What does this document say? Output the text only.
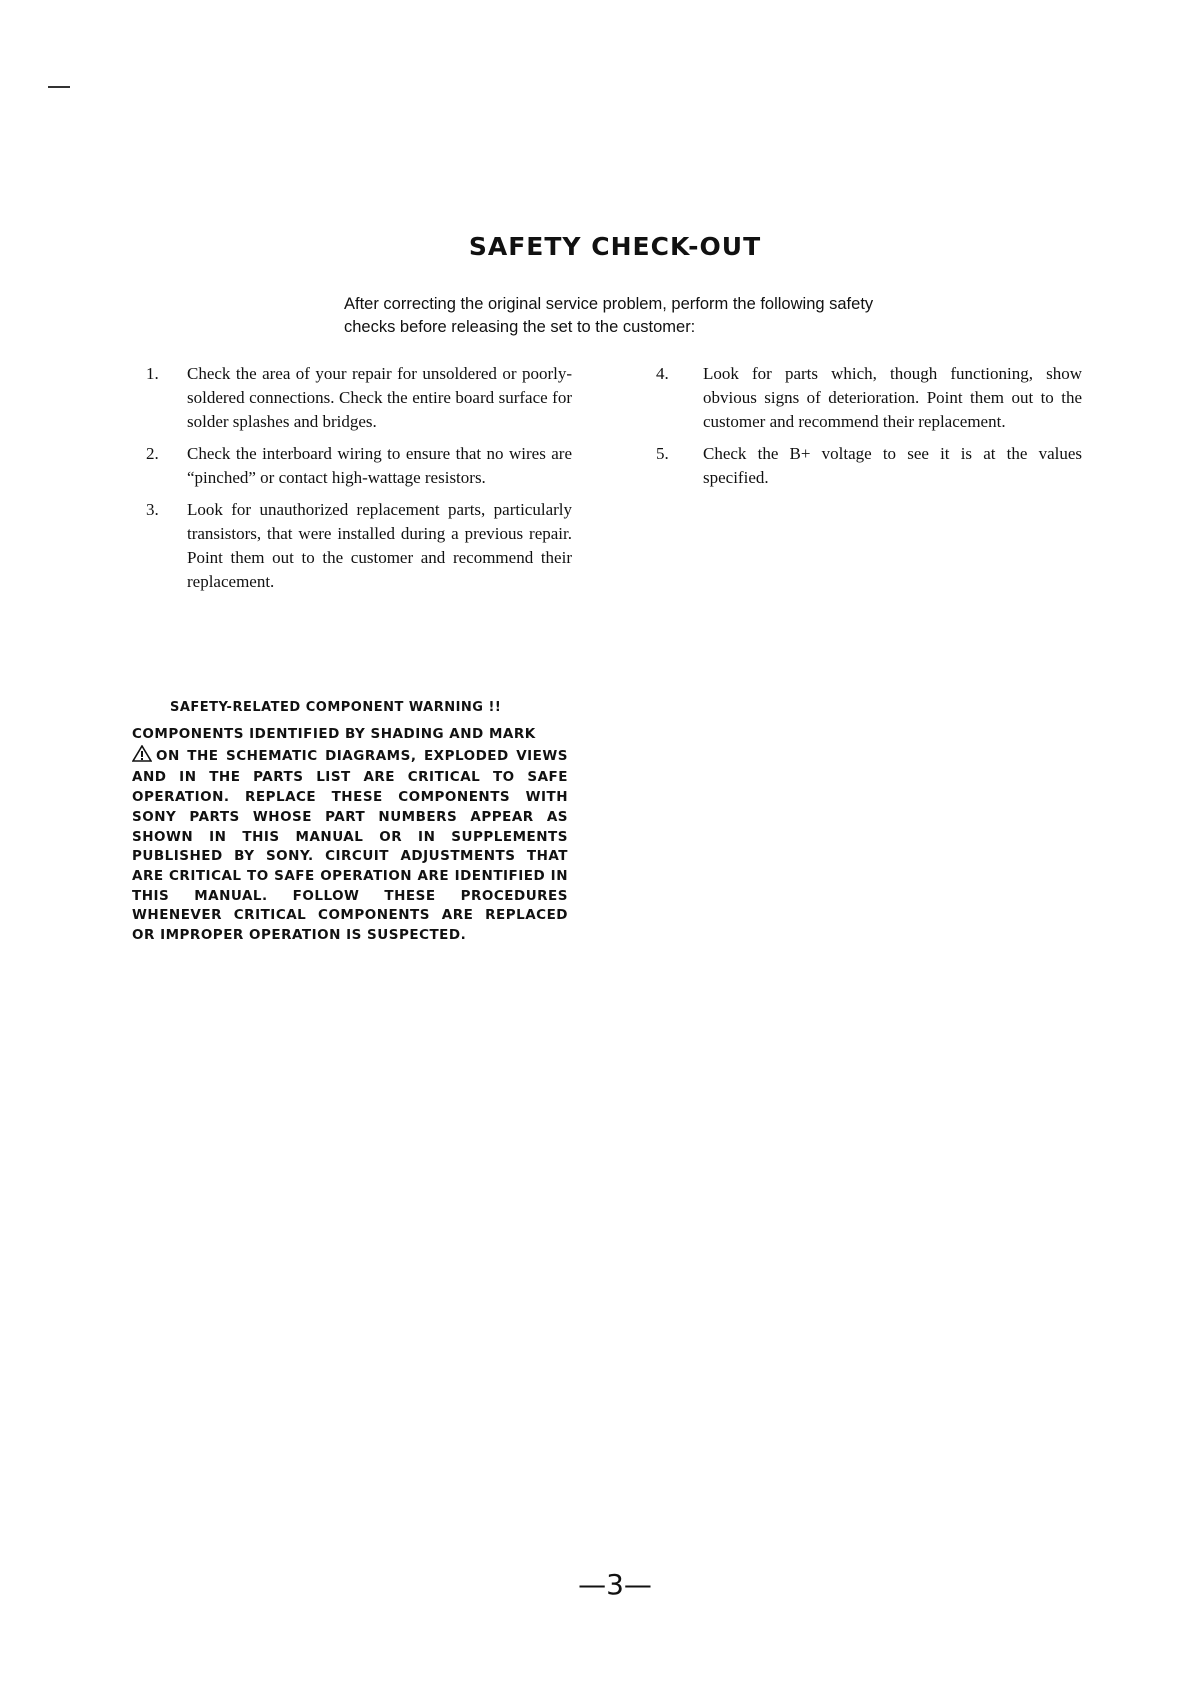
SAFETY CHECK-OUT
After correcting the original service problem, perform the following safety checks before releasing the set to the customer:
1.	Check the area of your repair for unsoldered or poorly-soldered connections. Check the entire board surface for solder splashes and bridges.
2.	Check the interboard wiring to ensure that no wires are “pinched” or contact high-wattage resistors.
3.	Look for unauthorized replacement parts, particularly transistors, that were installed during a previous repair. Point them out to the customer and recommend their replacement.
4.	Look for parts which, though functioning, show obvious signs of deterioration. Point them out to the customer and recommend their replacement.
5.	Check the B+ voltage to see it is at the values specified.
SAFETY-RELATED COMPONENT WARNING !!
COMPONENTS IDENTIFIED BY SHADING AND MARK
ON THE SCHEMATIC DIAGRAMS, EXPLODED VIEWS AND IN THE PARTS LIST ARE CRITICAL TO SAFE OPERATION. REPLACE THESE COMPONENTS WITH SONY PARTS WHOSE PART NUMBERS APPEAR AS SHOWN IN THIS MANUAL OR IN SUPPLEMENTS PUBLISHED BY SONY. CIRCUIT ADJUSTMENTS THAT ARE CRITICAL TO SAFE OPERATION ARE IDENTIFIED IN THIS MANUAL. FOLLOW THESE PROCEDURES WHENEVER CRITICAL COMPONENTS ARE REPLACED OR IMPROPER OPERATION IS SUSPECTED.
—3—
